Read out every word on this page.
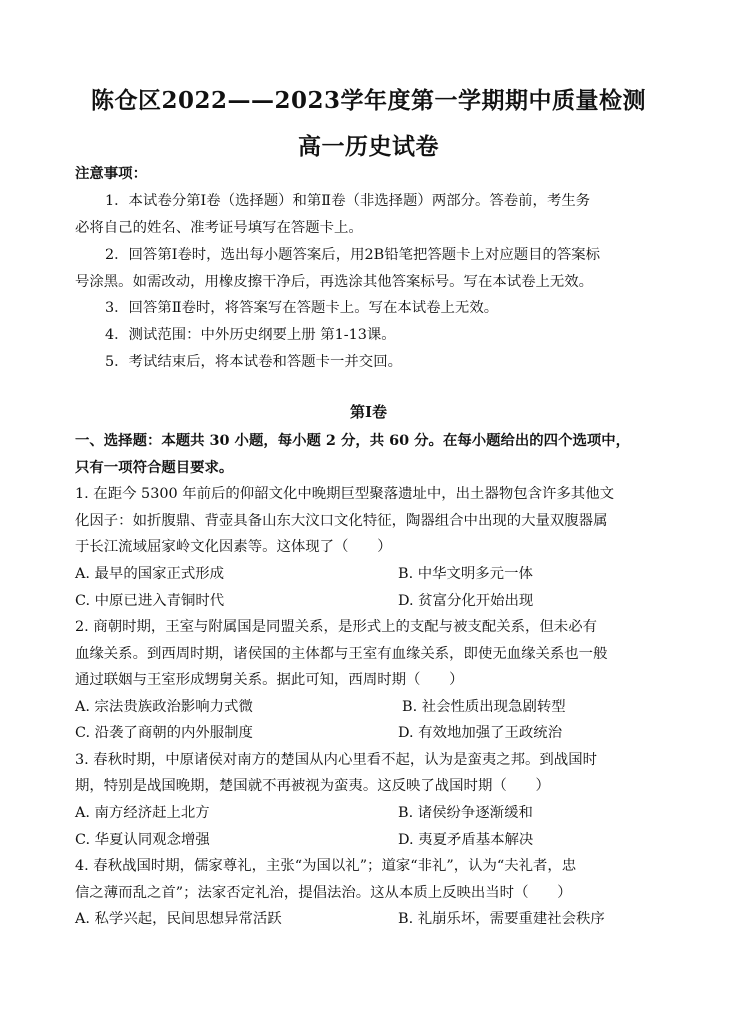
陈仓区2022——2023学年度第一学期期中质量检测
高一历史试卷
注意事项：
1．本试卷分第Ⅰ卷（选择题）和第Ⅱ卷（非选择题）两部分。答卷前，考生务
必将自己的姓名、准考证号填写在答题卡上。
2．回答第Ⅰ卷时，选出每小题答案后，用2B铅笔把答题卡上对应题目的答案标
号涂黑。如需改动，用橡皮擦干净后，再选涂其他答案标号。写在本试卷上无效。
3．回答第Ⅱ卷时，将答案写在答题卡上。写在本试卷上无效。
4．测试范围：中外历史纲要上册 第1-13课。
5．考试结束后，将本试卷和答题卡一并交回。
第Ⅰ卷
一、选择题：本题共 30 小题，每小题 2 分，共 60 分。在每小题给出的四个选项中，
只有一项符合题目要求。
1. 在距今 5300 年前后的仰韶文化中晚期巨型聚落遗址中，出土器物包含许多其他文
化因子：如折腹鼎、背壶具备山东大汶口文化特征，陶器组合中出现的大量双腹器属
于长江流域屈家岭文化因素等。这体现了（　　）
A. 最早的国家正式形成	B. 中华文明多元一体
C. 中原已进入青铜时代	D. 贫富分化开始出现
2. 商朝时期，王室与附属国是同盟关系，是形式上的支配与被支配关系，但未必有
血缘关系。到西周时期，诸侯国的主体都与王室有血缘关系，即使无血缘关系也一般
通过联姻与王室形成甥舅关系。据此可知，西周时期（　　）
A. 宗法贵族政治影响力式微	B. 社会性质出现急剧转型
C. 沿袭了商朝的内外服制度	D. 有效地加强了王政统治
3. 春秋时期，中原诸侯对南方的楚国从内心里看不起，认为是蛮夷之邦。到战国时
期，特别是战国晚期，楚国就不再被视为蛮夷。这反映了战国时期（　　）
A. 南方经济赶上北方	B. 诸侯纷争逐渐缓和
C. 华夏认同观念增强	D. 夷夏矛盾基本解决
4. 春秋战国时期，儒家尊礼，主张“为国以礼”；道家“非礼”，认为“夫礼者，忠
信之薄而乱之首”；法家否定礼治，提倡法治。这从本质上反映出当时（　　）
A. 私学兴起，民间思想异常活跃	B. 礼崩乐坏，需要重建社会秩序
